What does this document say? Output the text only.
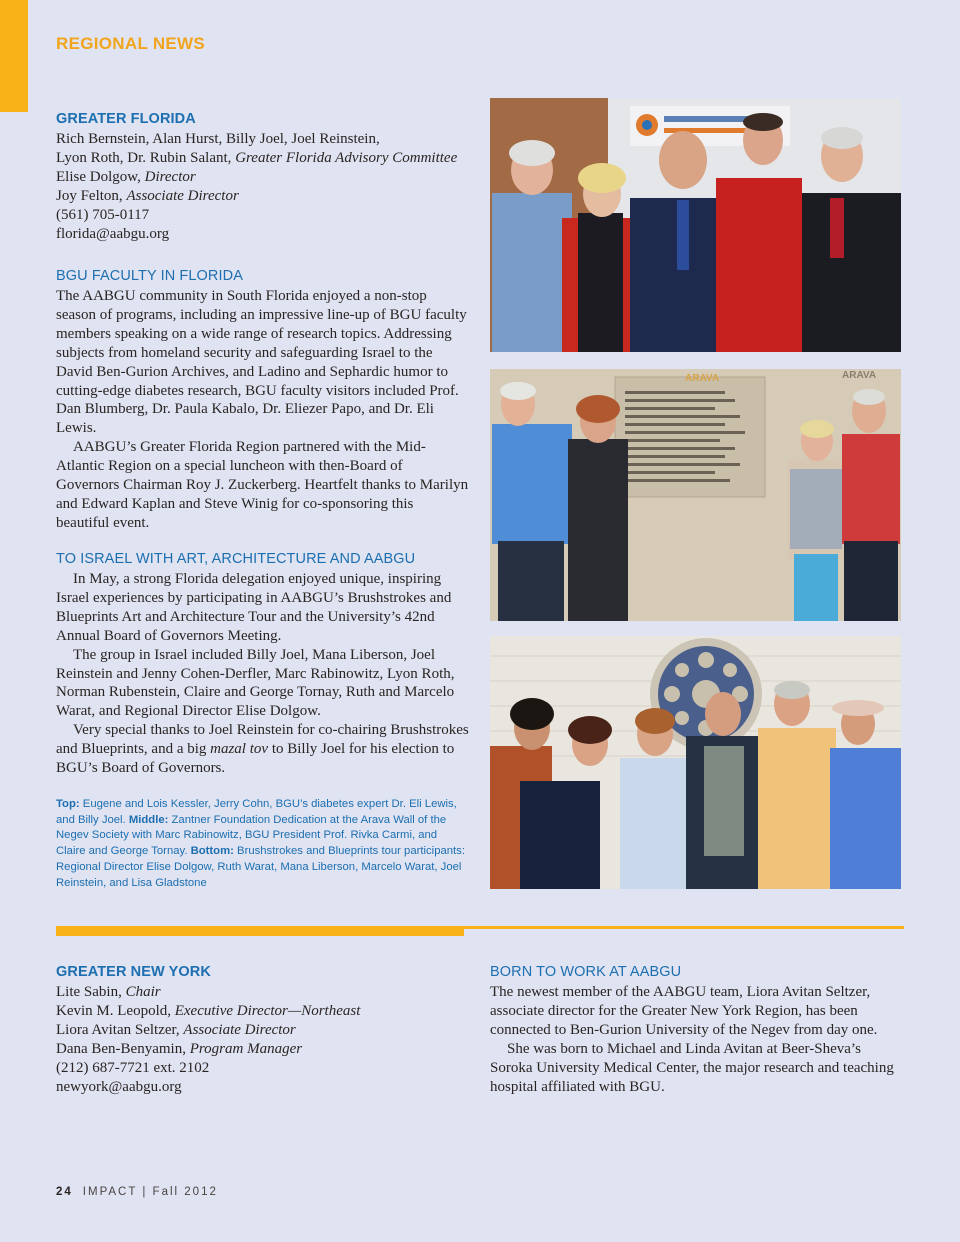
REGIONAL NEWS
GREATER FLORIDA
Rich Bernstein, Alan Hurst, Billy Joel, Joel Reinstein,
Lyon Roth, Dr. Rubin Salant, Greater Florida Advisory Committee
Elise Dolgow, Director
Joy Felton, Associate Director
(561) 705-0117
florida@aabgu.org
BGU FACULTY IN FLORIDA

The AABGU community in South Florida enjoyed a non-stop season of programs, including an impressive line-up of BGU faculty members speaking on a wide range of research topics. Addressing subjects from homeland security and safeguarding Israel to the David Ben-Gurion Archives, and Ladino and Sephardic humor to cutting-edge diabetes research, BGU faculty visitors included Prof. Dan Blumberg, Dr. Paula Kabalo, Dr. Eliezer Papo, and Dr. Eli Lewis.

AABGU’s Greater Florida Region partnered with the Mid-Atlantic Region on a special luncheon with then-Board of Governors Chairman Roy J. Zuckerberg. Heartfelt thanks to Marilyn and Edward Kaplan and Steve Winig for co-sponsoring this beautiful event.

TO ISRAEL WITH ART, ARCHITECTURE AND AABGU

In May, a strong Florida delegation enjoyed unique, inspiring Israel experiences by participating in AABGU’s Brushstrokes and Blueprints Art and Architecture Tour and the University’s 42nd Annual Board of Governors Meeting.

The group in Israel included Billy Joel, Mana Liberson, Joel Reinstein and Jenny Cohen-Derfler, Marc Rabinowitz, Lyon Roth, Norman Rubenstein, Claire and George Tornay, Ruth and Marcelo Warat, and Regional Director Elise Dolgow.

Very special thanks to Joel Reinstein for co-chairing Brushstrokes and Blueprints, and a big mazal tov to Billy Joel for his election to BGU’s Board of Governors.

Top: Eugene and Lois Kessler, Jerry Cohn, BGU’s diabetes expert Dr. Eli Lewis, and Billy Joel. Middle: Zantner Foundation Dedication at the Arava Wall of the Negev Society with Marc Rabinowitz, BGU President Prof. Rivka Carmi, and Claire and George Tornay. Bottom: Brushstrokes and Blueprints tour participants: Regional Director Elise Dolgow, Ruth Warat, Mana Liberson, Marcelo Warat, Joel Reinstein, and Lisa Gladstone
ARAVA	ARAVA
GREATER NEW YORK
Lite Sabin, Chair
Kevin M. Leopold, Executive Director—Northeast
Liora Avitan Seltzer, Associate Director
Dana Ben-Benyamin, Program Manager
(212) 687-7721 ext. 2102
newyork@aabgu.org
BORN TO WORK AT AABGU

The newest member of the AABGU team, Liora Avitan Seltzer, associate director for the Greater New York Region, has been connected to Ben-Gurion University of the Negev from day one.

She was born to Michael and Linda Avitan at Beer-Sheva’s Soroka University Medical Center, the major research and teaching hospital affiliated with BGU.

24 IMPACT | Fall 2012
